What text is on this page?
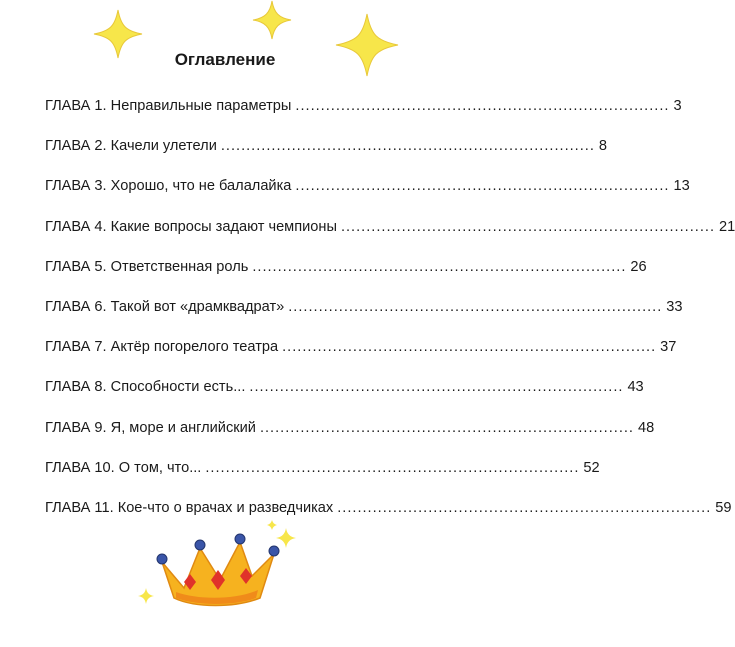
Оглавление
ГЛАВА 1. Неправильные параметры .......................................................................... 3
ГЛАВА 2. Качели улетели .......................................................................... 8
ГЛАВА 3. Хорошо, что не балалайка .......................................................................... 13
ГЛАВА 4. Какие вопросы задают чемпионы .......................................................................... 21
ГЛАВА 5. Ответственная роль .......................................................................... 26
ГЛАВА 6. Такой вот «драмквадрат» .......................................................................... 33
ГЛАВА 7. Актёр погорелого театра .......................................................................... 37
ГЛАВА 8. Способности есть... .......................................................................... 43
ГЛАВА 9. Я, море и английский .......................................................................... 48
ГЛАВА 10. О том, что... .......................................................................... 52
ГЛАВА 11. Кое-что о врачах и разведчиках .......................................................................... 59
